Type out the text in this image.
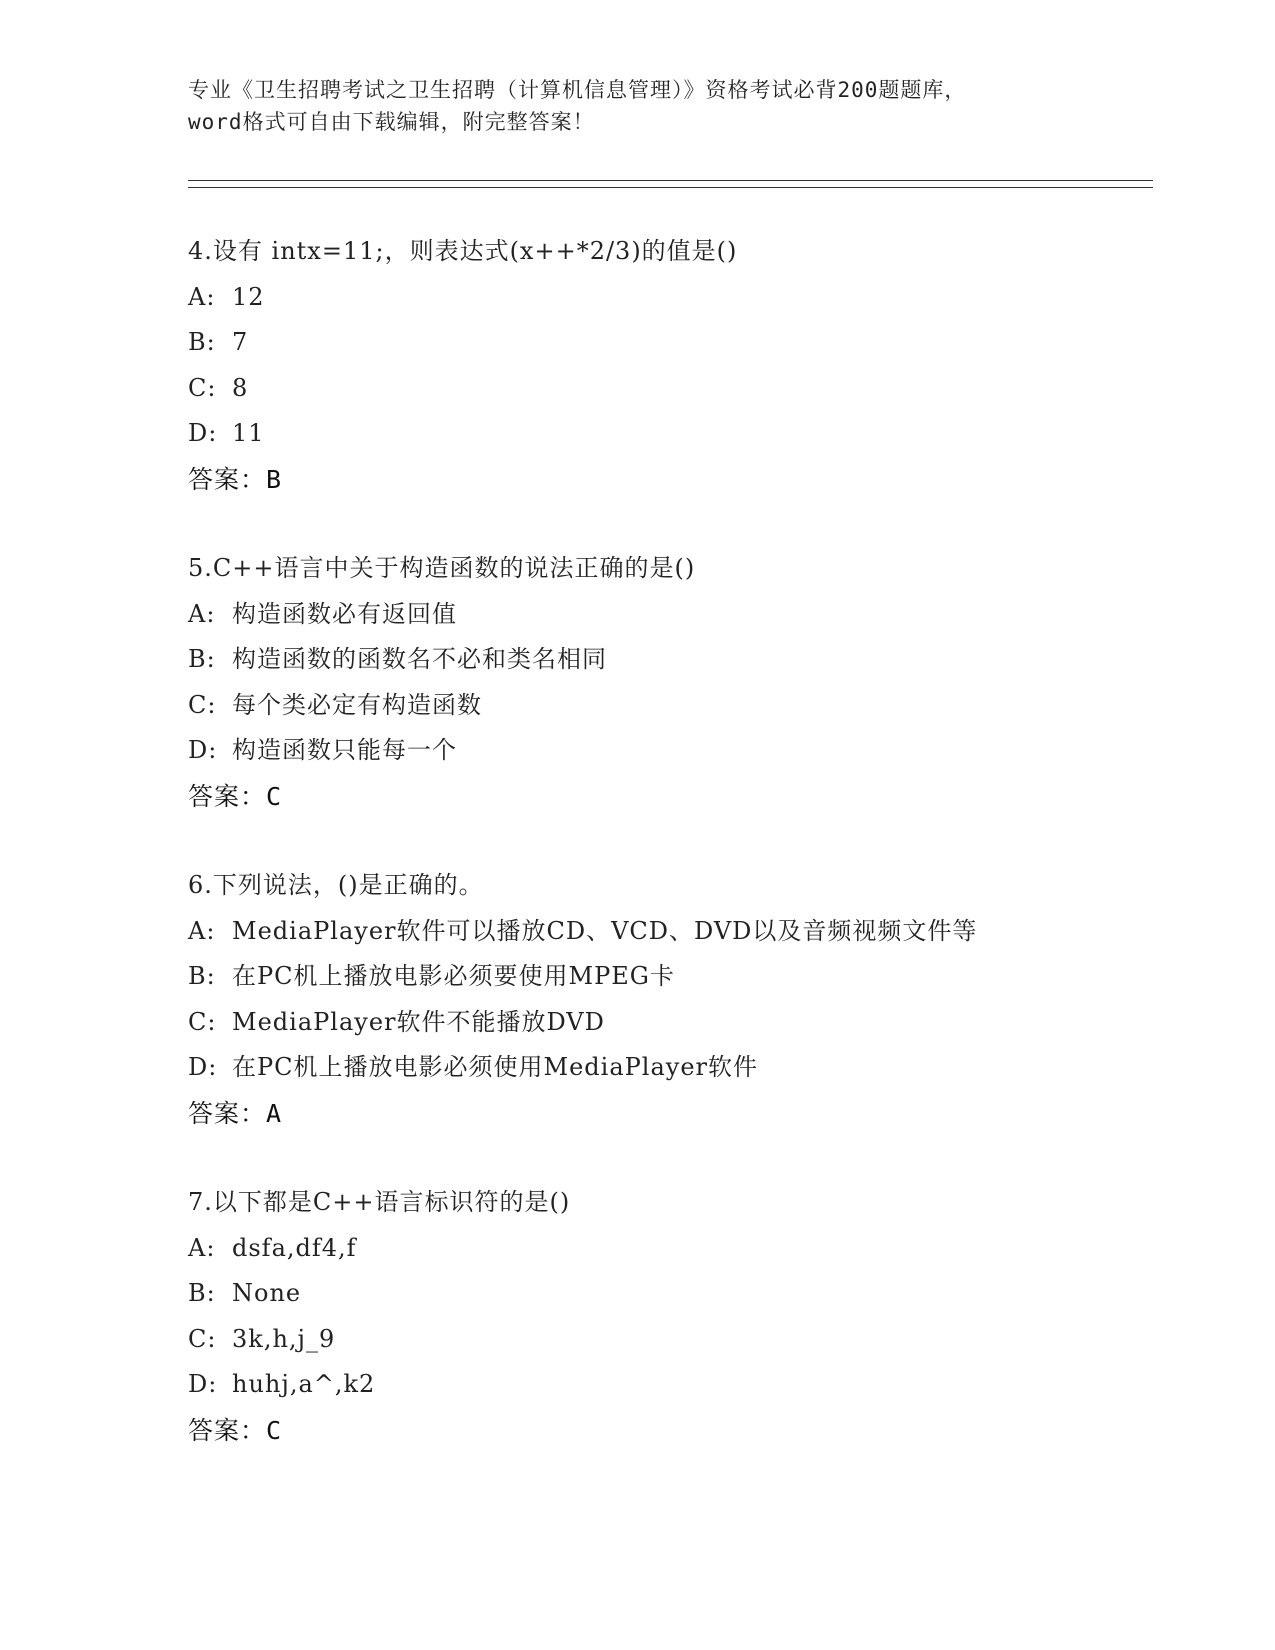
专业《卫生招聘考试之卫生招聘（计算机信息管理）》资格考试必背200题题库，
word格式可自由下载编辑，附完整答案！
4.设有 intx=11;，则表达式(x++*2/3)的值是()
A: 12
B: 7
C: 8
D: 11
答案：B
5.C++语言中关于构造函数的说法正确的是()
A: 构造函数必有返回值
B: 构造函数的函数名不必和类名相同
C: 每个类必定有构造函数
D: 构造函数只能每一个
答案：C
6.下列说法，()是正确的。
A: MediaPlayer软件可以播放CD、VCD、DVD以及音频视频文件等
B: 在PC机上播放电影必须要使用MPEG卡
C: MediaPlayer软件不能播放DVD
D: 在PC机上播放电影必须使用MediaPlayer软件
答案：A
7.以下都是C++语言标识符的是()
A: dsfa,df4,f
B: None
C: 3k,h,j_9
D: huhj,a^,k2
答案：C
